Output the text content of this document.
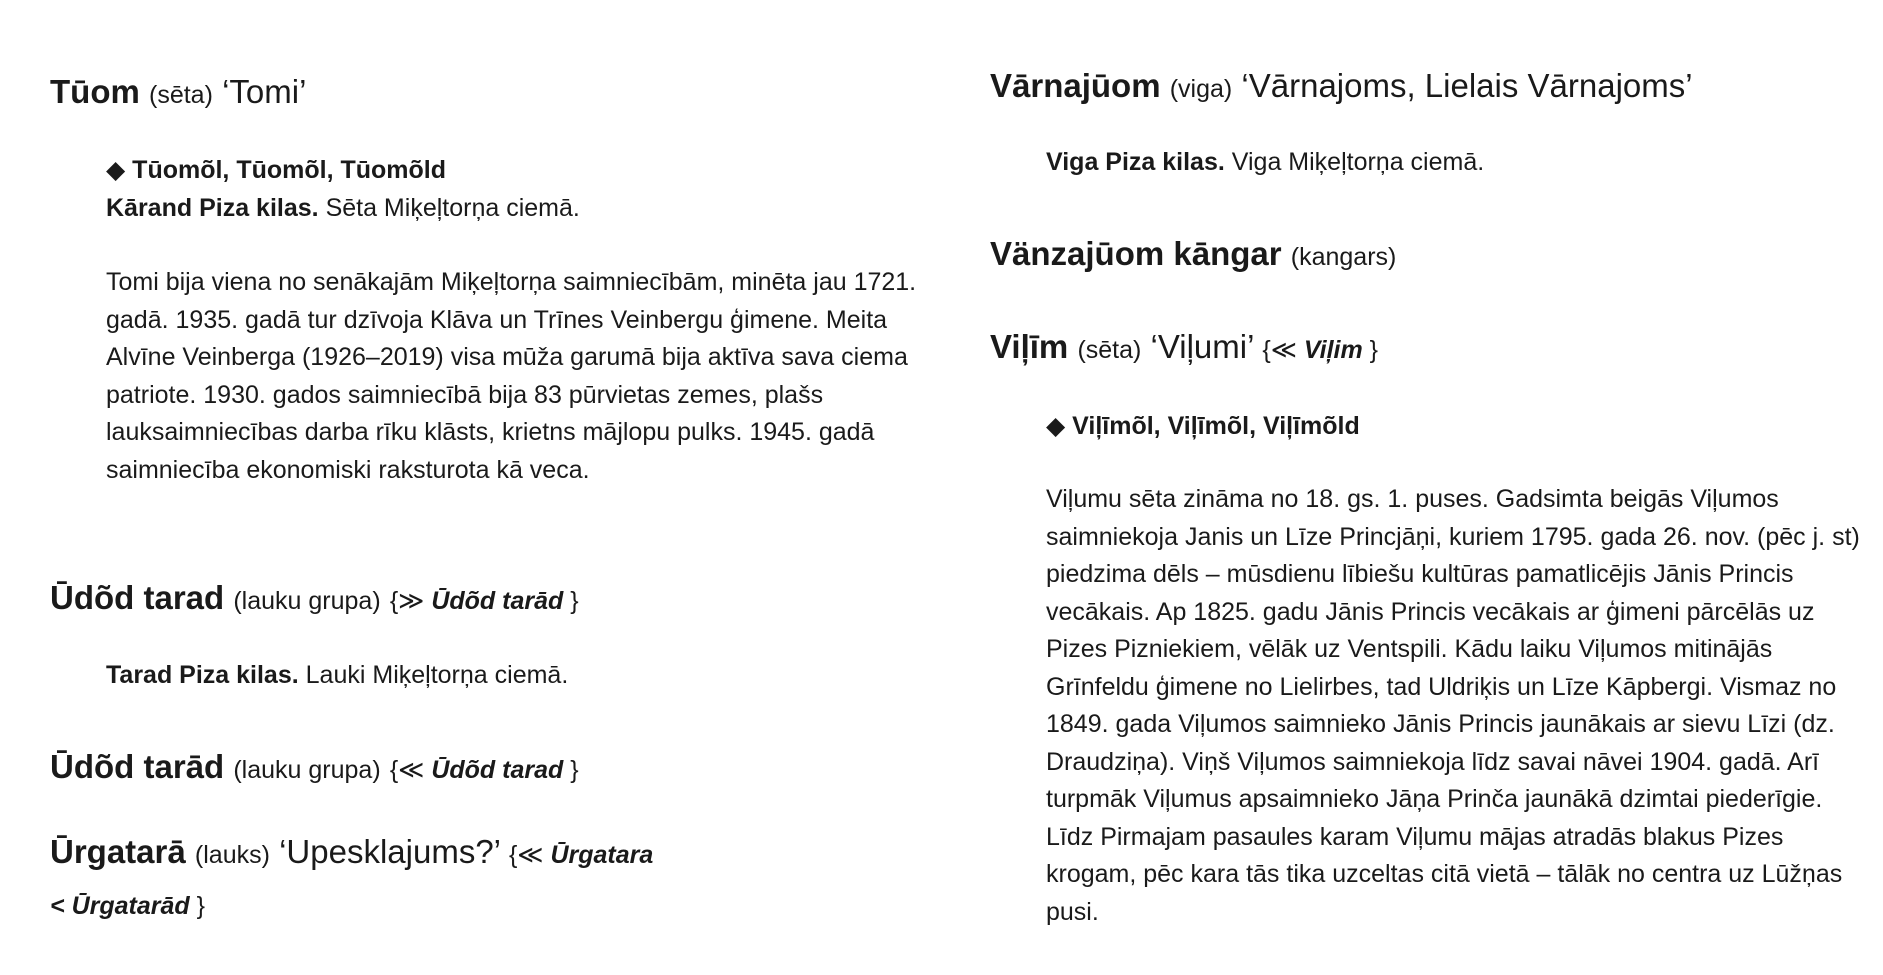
Tūom (sēta) ‘Tomi’
◆ Tūomõl, Tūomõl, Tūomõld
Kārand Piza kilas. Sēta Miķeļtorņa ciemā.
Tomi bija viena no senākajām Miķeļtorņa saimniecībām, minēta jau 1721. gadā. 1935. gadā tur dzīvoja Klāva un Trīnes Veinbergu ģimene. Meita Alvīne Veinberga (1926–2019) visa mūža garumā bija aktīva sava ciema patriote. 1930. gados saimniecībā bija 83 pūrvietas zemes, plašs lauksaimniecības darba rīku klāsts, krietns mājlopu pulks. 1945. gadā saimniecība ekonomiski raksturota kā veca.
Ūdõd tarad (lauku grupa) {≫ Ūdõd tarād }
Tarad Piza kilas. Lauki Miķeļtorņa ciemā.
Ūdõd tarād (lauku grupa) {≪ Ūdõd tarad }
Ūrgatarā (lauks) ‘Upesklajums?’ {≪ Ūrgatara
< Ūrgatarād }
Vārnajūom (viga) ‘Vārnajoms, Lielais Vārnajoms’
Viga Piza kilas. Viga Miķeļtorņa ciemā.
Vänzajūom kāngar (kangars)
Viļīm (sēta) ‘Viļumi’ {≪ Viļim }
◆ Viļīmõl, Viļīmõl, Viļīmõld
Viļumu sēta zināma no 18. gs. 1. puses. Gadsimta beigās Viļumos saimniekoja Janis un Līze Princjāņi, kuriem 1795. gada 26. nov. (pēc j. st) piedzima dēls – mūsdienu lībiešu kultūras pamatlicējis Jānis Princis vecākais. Ap 1825. gadu Jānis Princis vecākais ar ģimeni pārcēlās uz Pizes Pizniekiem, vēlāk uz Ventspili. Kādu laiku Viļumos mitinājās Grīnfeldu ģimene no Lielirbes, tad Uldriķis un Līze Kāpbergi. Vismaz no 1849. gada Viļumos saimnieko Jānis Princis jaunākais ar sievu Līzi (dz. Draudziņa). Viņš Viļumos saimniekoja līdz savai nāvei 1904. gadā. Arī turpmāk Viļumus apsaimnieko Jāņa Prinča jaunākā dzimtai piederīgie. Līdz Pirmajam pasaules karam Viļumu mājas atradās blakus Pizes krogam, pēc kara tās tika uzceltas citā vietā – tālāk no centra uz Lūžņas pusi.
